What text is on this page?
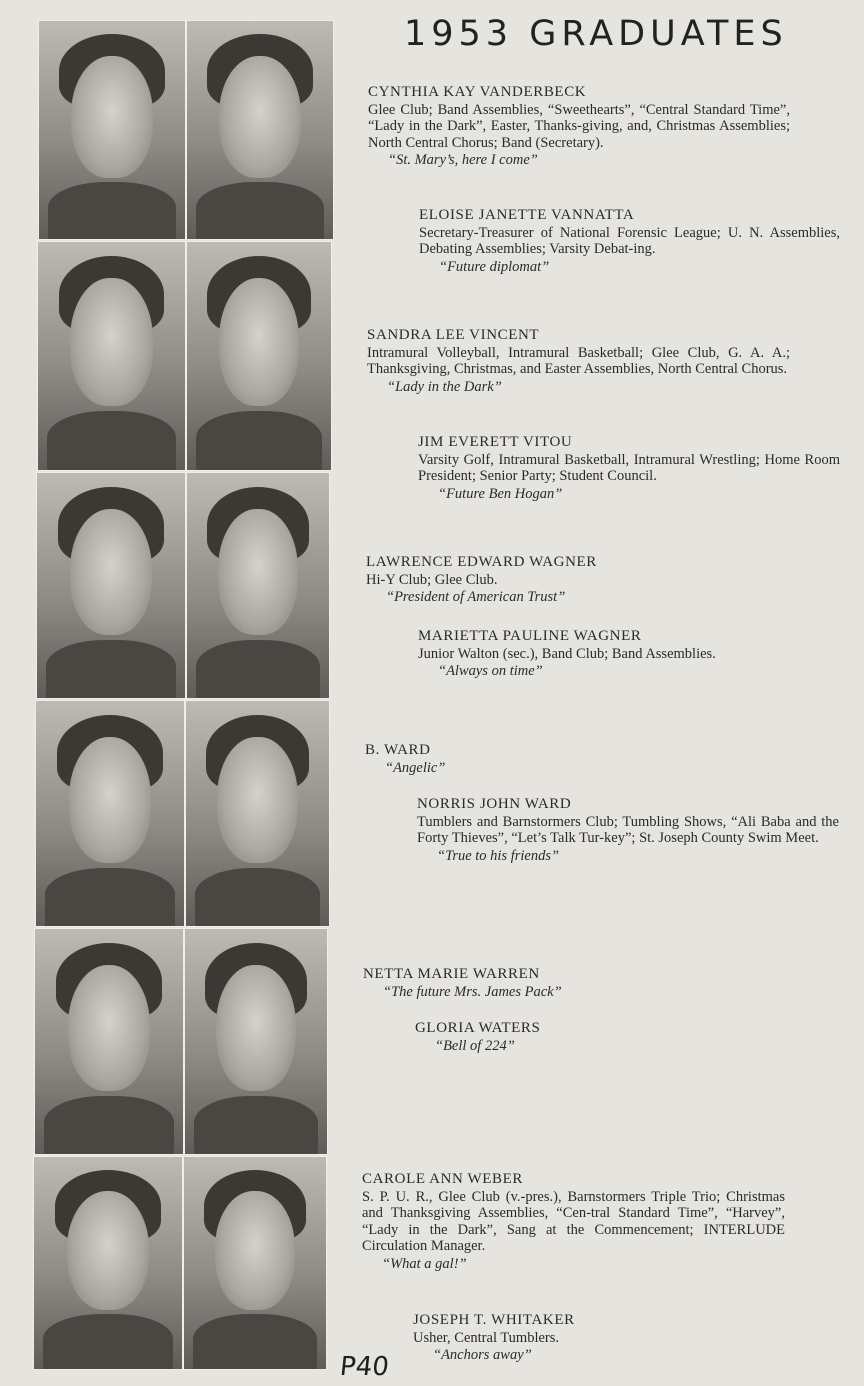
1953 GRADUATES
CYNTHIA KAY VANDERBECK
Glee Club; Band Assemblies, “Sweethearts”, “Central Standard Time”, “Lady in the Dark”, Easter, Thanks-giving, and, Christmas Assemblies; North Central Chorus; Band (Secretary).
“St. Mary’s, here I come”
ELOISE JANETTE VANNATTA
Secretary-Treasurer of National Forensic League; U. N. Assemblies, Debating Assemblies; Varsity Debat-ing.
“Future diplomat”
SANDRA LEE VINCENT
Intramural Volleyball, Intramural Basketball; Glee Club, G. A. A.; Thanksgiving, Christmas, and Easter Assemblies, North Central Chorus.
“Lady in the Dark”
JIM EVERETT VITOU
Varsity Golf, Intramural Basketball, Intramural Wrestling; Home Room President; Senior Party; Student Council.
“Future Ben Hogan”
LAWRENCE EDWARD WAGNER
Hi-Y Club; Glee Club.
“President of American Trust”
MARIETTA PAULINE WAGNER
Junior Walton (sec.), Band Club; Band Assemblies.
“Always on time”
B. WARD
“Angelic”
NORRIS JOHN WARD
Tumblers and Barnstormers Club; Tumbling Shows, “Ali Baba and the Forty Thieves”, “Let’s Talk Tur-key”; St. Joseph County Swim Meet.
“True to his friends”
NETTA MARIE WARREN
“The future Mrs. James Pack”
GLORIA WATERS
“Bell of 224”
CAROLE ANN WEBER
S. P. U. R., Glee Club (v.-pres.), Barnstormers Triple Trio; Christmas and Thanksgiving Assemblies, “Cen-tral Standard Time”, “Harvey”, “Lady in the Dark”, Sang at the Commencement; INTERLUDE Circulation Manager.
“What a gal!”
JOSEPH T. WHITAKER
Usher, Central Tumblers.
“Anchors away”
P40
